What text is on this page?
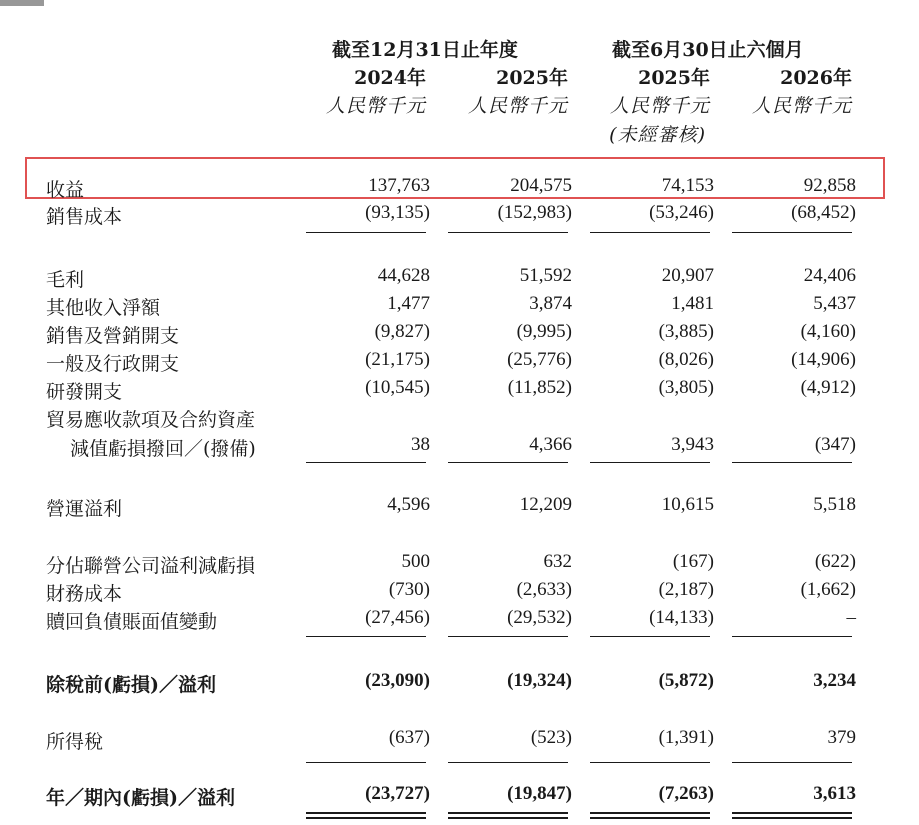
截至12月31日止年度	截至6月30日止六個月
2024年	2025年	2025年	2026年
人民幣千元	人民幣千元	人民幣千元	人民幣千元
(未經審核)
收益	137,763	204,575	74,153	92,858
銷售成本	(93,135)	(152,983)	(53,246)	(68,452)
毛利	44,628	51,592	20,907	24,406
其他收入淨額	1,477	3,874	1,481	5,437
銷售及營銷開支	(9,827)	(9,995)	(3,885)	(4,160)
一般及行政開支	(21,175)	(25,776)	(8,026)	(14,906)
研發開支	(10,545)	(11,852)	(3,805)	(4,912)
貿易應收款項及合約資產
減值虧損撥回／(撥備)	38	4,366	3,943	(347)
營運溢利	4,596	12,209	10,615	5,518
分佔聯營公司溢利減虧損	500	632	(167)	(622)
財務成本	(730)	(2,633)	(2,187)	(1,662)
贖回負債賬面值變動	(27,456)	(29,532)	(14,133)	–
除稅前(虧損)／溢利	(23,090)	(19,324)	(5,872)	3,234
所得稅	(637)	(523)	(1,391)	379
年／期內(虧損)／溢利	(23,727)	(19,847)	(7,263)	3,613
